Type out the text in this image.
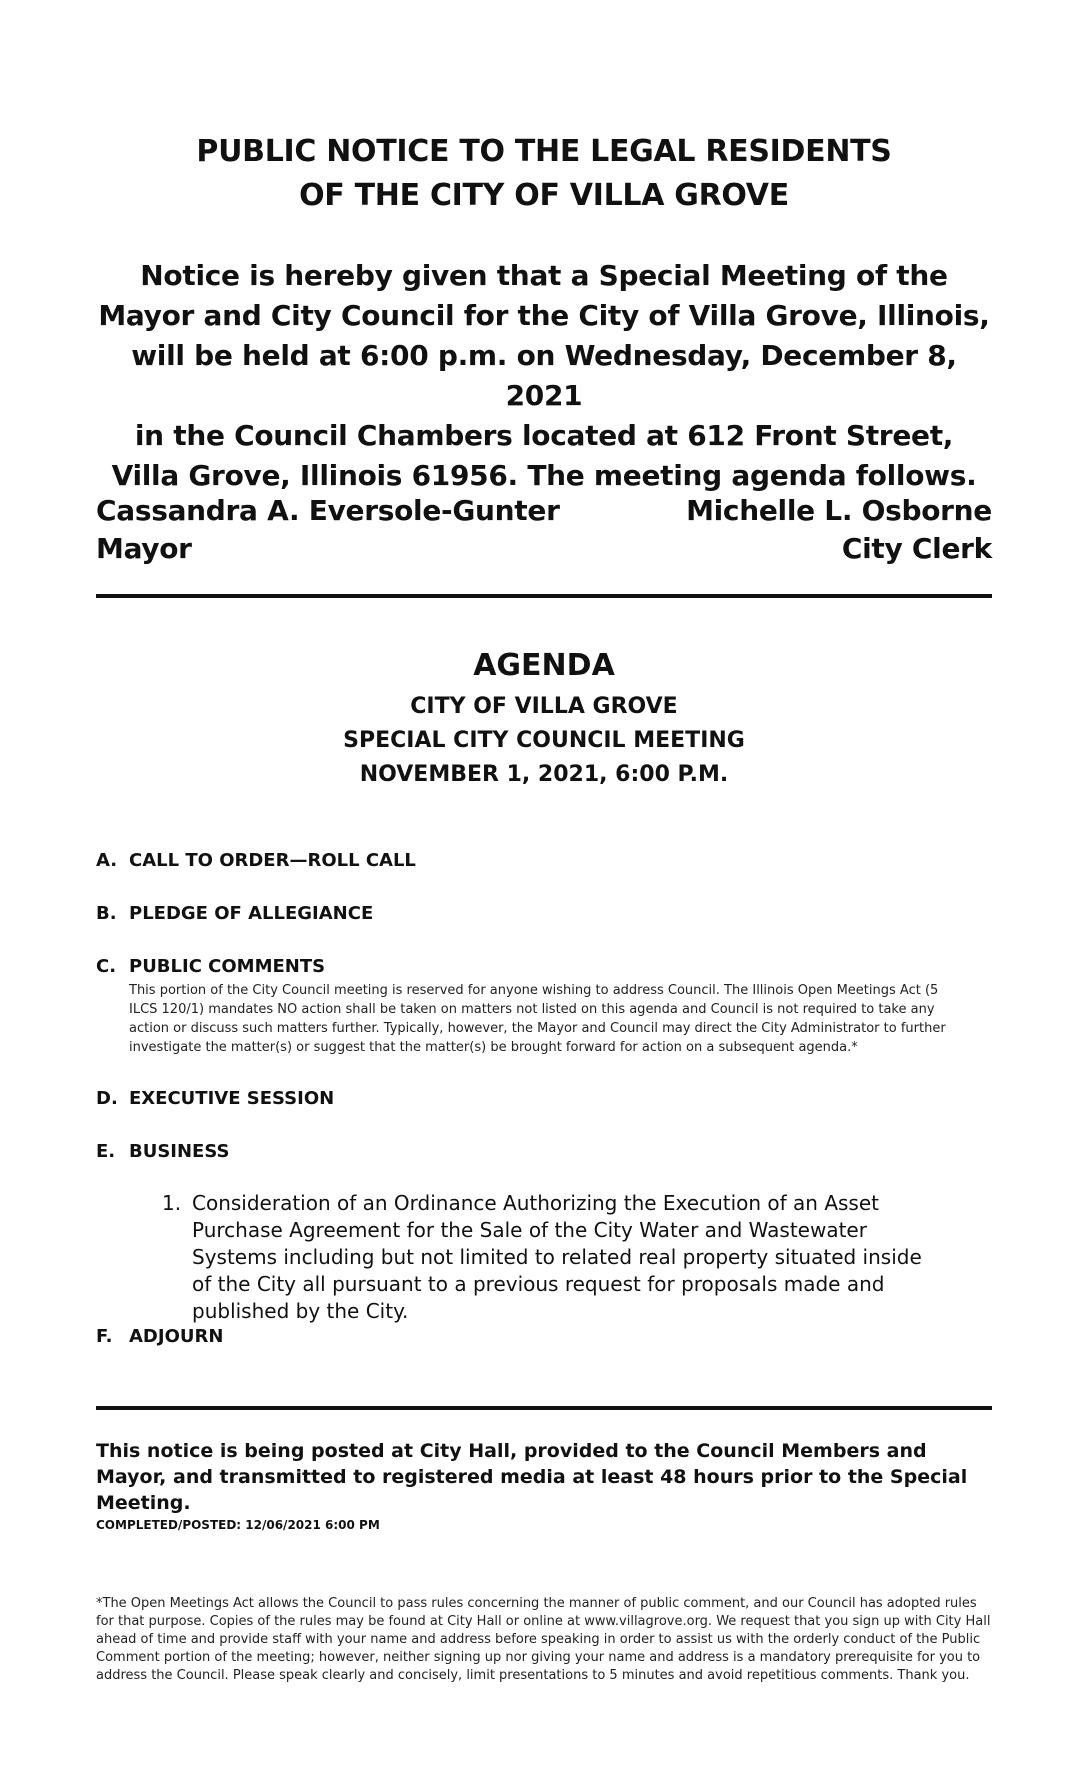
PUBLIC NOTICE TO THE LEGAL RESIDENTS
OF THE CITY OF VILLA GROVE
Notice is hereby given that a Special Meeting of the
Mayor and City Council for the City of Villa Grove, Illinois,
will be held at 6:00 p.m. on Wednesday, December 8, 2021
in the Council Chambers located at 612 Front Street,
Villa Grove, Illinois 61956. The meeting agenda follows.
Cassandra A. Eversole-Gunter
Mayor
Michelle L. Osborne
City Clerk
AGENDA
CITY OF VILLA GROVE
SPECIAL CITY COUNCIL MEETING
NOVEMBER 1, 2021, 6:00 P.M.
A. CALL TO ORDER—ROLL CALL
B. PLEDGE OF ALLEGIANCE
C. PUBLIC COMMENTS
This portion of the City Council meeting is reserved for anyone wishing to address Council. The Illinois Open Meetings Act (5 ILCS 120/1) mandates NO action shall be taken on matters not listed on this agenda and Council is not required to take any action or discuss such matters further. Typically, however, the Mayor and Council may direct the City Administrator to further investigate the matter(s) or suggest that the matter(s) be brought forward for action on a subsequent agenda.*
D. EXECUTIVE SESSION
E. BUSINESS
1. Consideration of an Ordinance Authorizing the Execution of an Asset Purchase Agreement for the Sale of the City Water and Wastewater Systems including but not limited to related real property situated inside of the City all pursuant to a previous request for proposals made and published by the City.
F. ADJOURN
This notice is being posted at City Hall, provided to the Council Members and Mayor, and transmitted to registered media at least 48 hours prior to the Special Meeting.
COMPLETED/POSTED: 12/06/2021 6:00 PM
*The Open Meetings Act allows the Council to pass rules concerning the manner of public comment, and our Council has adopted rules for that purpose. Copies of the rules may be found at City Hall or online at www.villagrove.org. We request that you sign up with City Hall ahead of time and provide staff with your name and address before speaking in order to assist us with the orderly conduct of the Public Comment portion of the meeting; however, neither signing up nor giving your name and address is a mandatory prerequisite for you to address the Council. Please speak clearly and concisely, limit presentations to 5 minutes and avoid repetitious comments. Thank you.
